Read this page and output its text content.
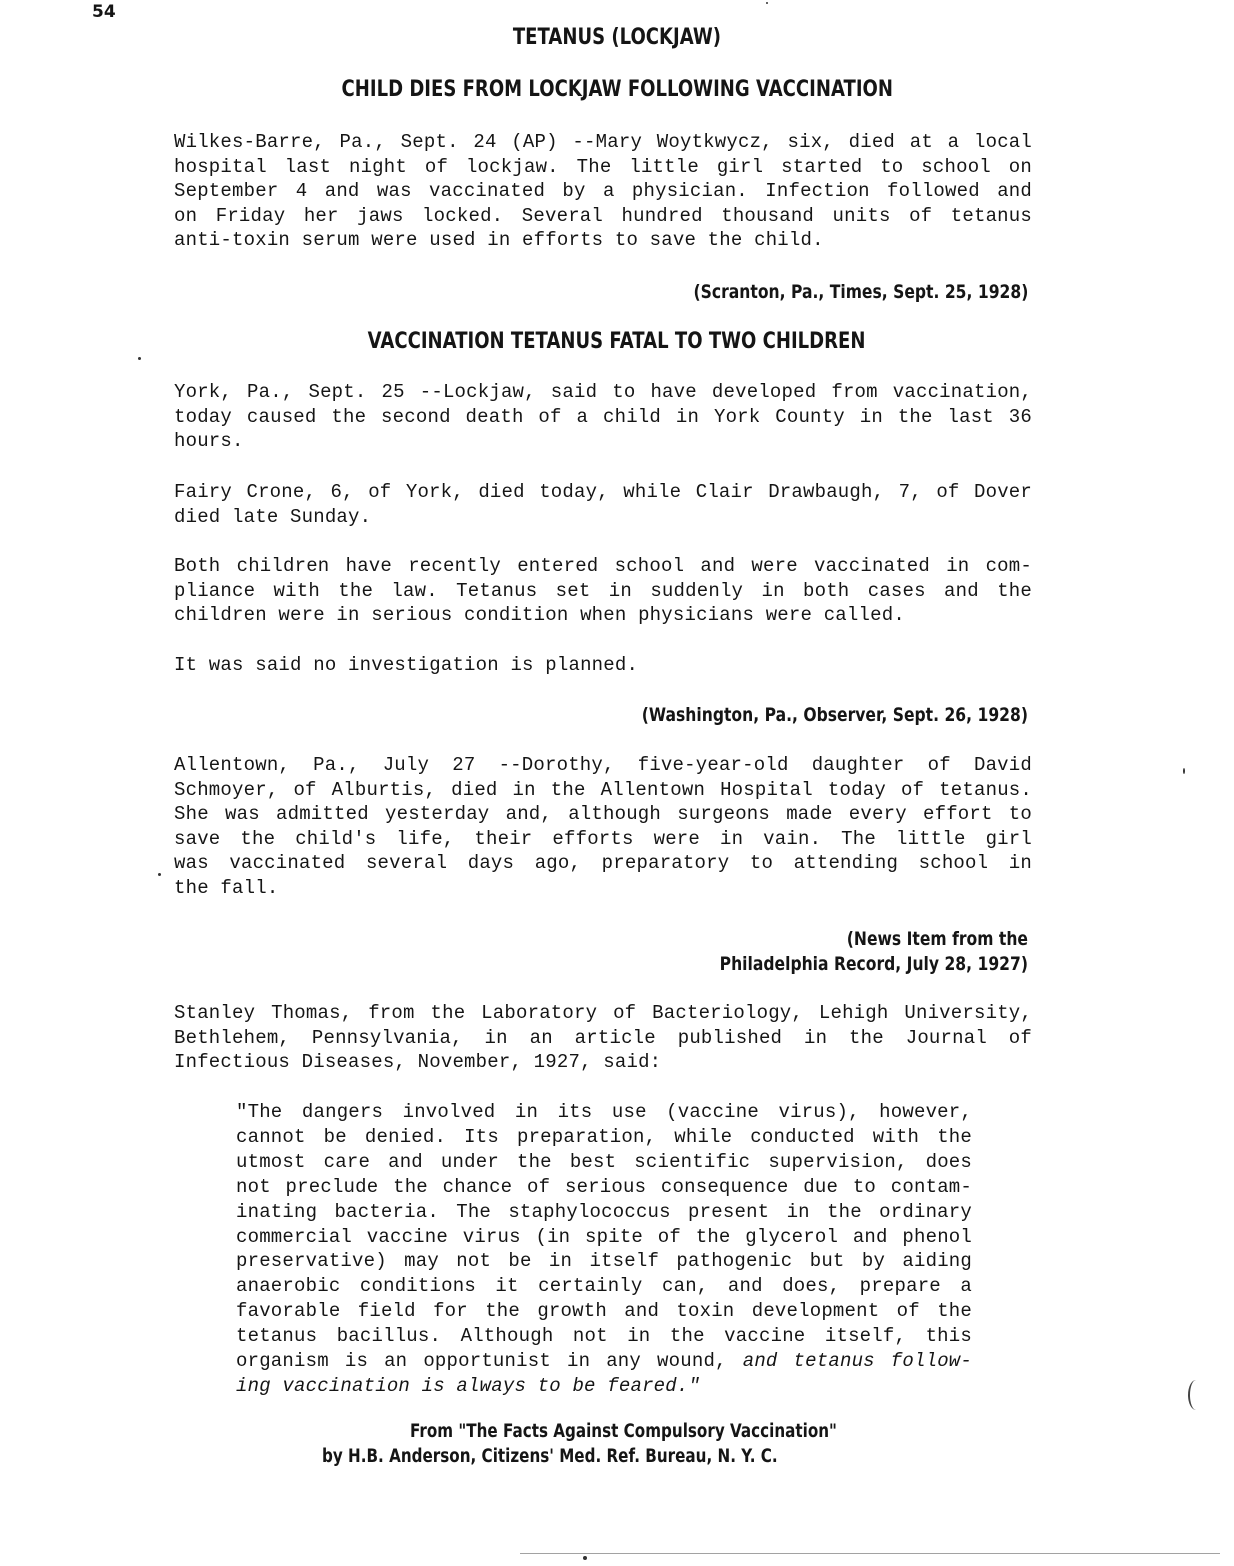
54
TETANUS (LOCKJAW)
CHILD DIES FROM LOCKJAW FOLLOWING VACCINATION
Wilkes-Barre, Pa., Sept. 24 (AP) --Mary Woytkwycz, six, died at a local
hospital last night of lockjaw. The little girl started to school on
September 4 and was vaccinated by a physician. Infection followed and
on Friday her jaws locked. Several hundred thousand units of tetanus
anti-toxin serum were used in efforts to save the child.
(Scranton, Pa., Times, Sept. 25, 1928)
VACCINATION TETANUS FATAL TO TWO CHILDREN
York, Pa., Sept. 25 --Lockjaw, said to have developed from vaccination,
today caused the second death of a child in York County in the last 36
hours.
Fairy Crone, 6, of York, died today, while Clair Drawbaugh, 7, of Dover
died late Sunday.
Both children have recently entered school and were vaccinated in com-
pliance with the law. Tetanus set in suddenly in both cases and the
children were in serious condition when physicians were called.
It was said no investigation is planned.
(Washington, Pa., Observer, Sept. 26, 1928)
Allentown, Pa., July 27 --Dorothy, five-year-old daughter of David
Schmoyer, of Alburtis, died in the Allentown Hospital today of tetanus.
She was admitted yesterday and, although surgeons made every effort to
save the child's life, their efforts were in vain. The little girl
was vaccinated several days ago, preparatory to attending school in
the fall.
(News Item from the
Philadelphia Record, July 28, 1927)
Stanley Thomas, from the Laboratory of Bacteriology, Lehigh University,
Bethlehem, Pennsylvania, in an article published in the Journal of
Infectious Diseases, November, 1927, said:
"The dangers involved in its use (vaccine virus), however,
cannot be denied. Its preparation, while conducted with the
utmost care and under the best scientific supervision, does
not preclude the chance of serious consequence due to contam-
inating bacteria. The staphylococcus present in the ordinary
commercial vaccine virus (in spite of the glycerol and phenol
preservative) may not be in itself pathogenic but by aiding
anaerobic conditions it certainly can, and does, prepare a
favorable field for the growth and toxin development of the
tetanus bacillus. Although not in the vaccine itself, this
organism is an opportunist in any wound, and tetanus follow-
ing vaccination is always to be feared."
From "The Facts Against Compulsory Vaccination"
by H.B. Anderson, Citizens' Med. Ref. Bureau, N. Y. C.
